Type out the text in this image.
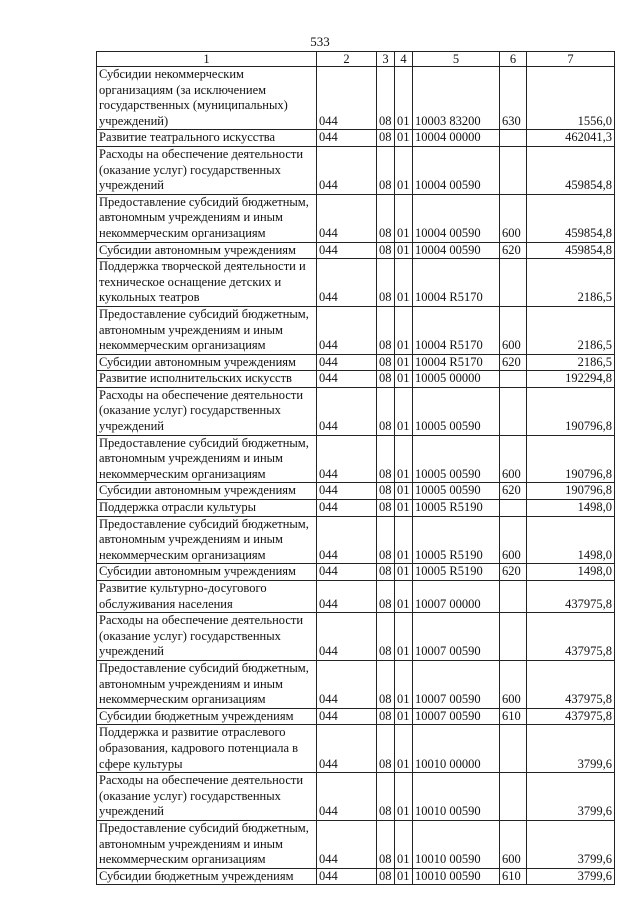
533
1	2	3	4	5	6	7
Субсидии некоммерческим организациям (за исключением государственных (муниципальных) учреждений)	044	08	01	10003 83200	630	1556,0
Развитие театрального искусства	044	08	01	10004 00000		462041,3
Расходы на обеспечение деятельности (оказание услуг) государственных учреждений	044	08	01	10004 00590		459854,8
Предоставление субсидий бюджетным, автономным учреждениям и иным некоммерческим организациям	044	08	01	10004 00590	600	459854,8
Субсидии автономным учреждениям	044	08	01	10004 00590	620	459854,8
Поддержка творческой деятельности и техническое оснащение детских и кукольных театров	044	08	01	10004 R5170		2186,5
Предоставление субсидий бюджетным, автономным учреждениям и иным некоммерческим организациям	044	08	01	10004 R5170	600	2186,5
Субсидии автономным учреждениям	044	08	01	10004 R5170	620	2186,5
Развитие исполнительских искусств	044	08	01	10005 00000		192294,8
Расходы на обеспечение деятельности (оказание услуг) государственных учреждений	044	08	01	10005 00590		190796,8
Предоставление субсидий бюджетным, автономным учреждениям и иным некоммерческим организациям	044	08	01	10005 00590	600	190796,8
Субсидии автономным учреждениям	044	08	01	10005 00590	620	190796,8
Поддержка отрасли культуры	044	08	01	10005 R5190		1498,0
Предоставление субсидий бюджетным, автономным учреждениям и иным некоммерческим организациям	044	08	01	10005 R5190	600	1498,0
Субсидии автономным учреждениям	044	08	01	10005 R5190	620	1498,0
Развитие культурно-досугового обслуживания населения	044	08	01	10007 00000		437975,8
Расходы на обеспечение деятельности (оказание услуг) государственных учреждений	044	08	01	10007 00590		437975,8
Предоставление субсидий бюджетным, автономным учреждениям и иным некоммерческим организациям	044	08	01	10007 00590	600	437975,8
Субсидии бюджетным учреждениям	044	08	01	10007 00590	610	437975,8
Поддержка и развитие отраслевого образования, кадрового потенциала в сфере культуры	044	08	01	10010 00000		3799,6
Расходы на обеспечение деятельности (оказание услуг) государственных учреждений	044	08	01	10010 00590		3799,6
Предоставление субсидий бюджетным, автономным учреждениям и иным некоммерческим организациям	044	08	01	10010 00590	600	3799,6
Субсидии бюджетным учреждениям	044	08	01	10010 00590	610	3799,6
